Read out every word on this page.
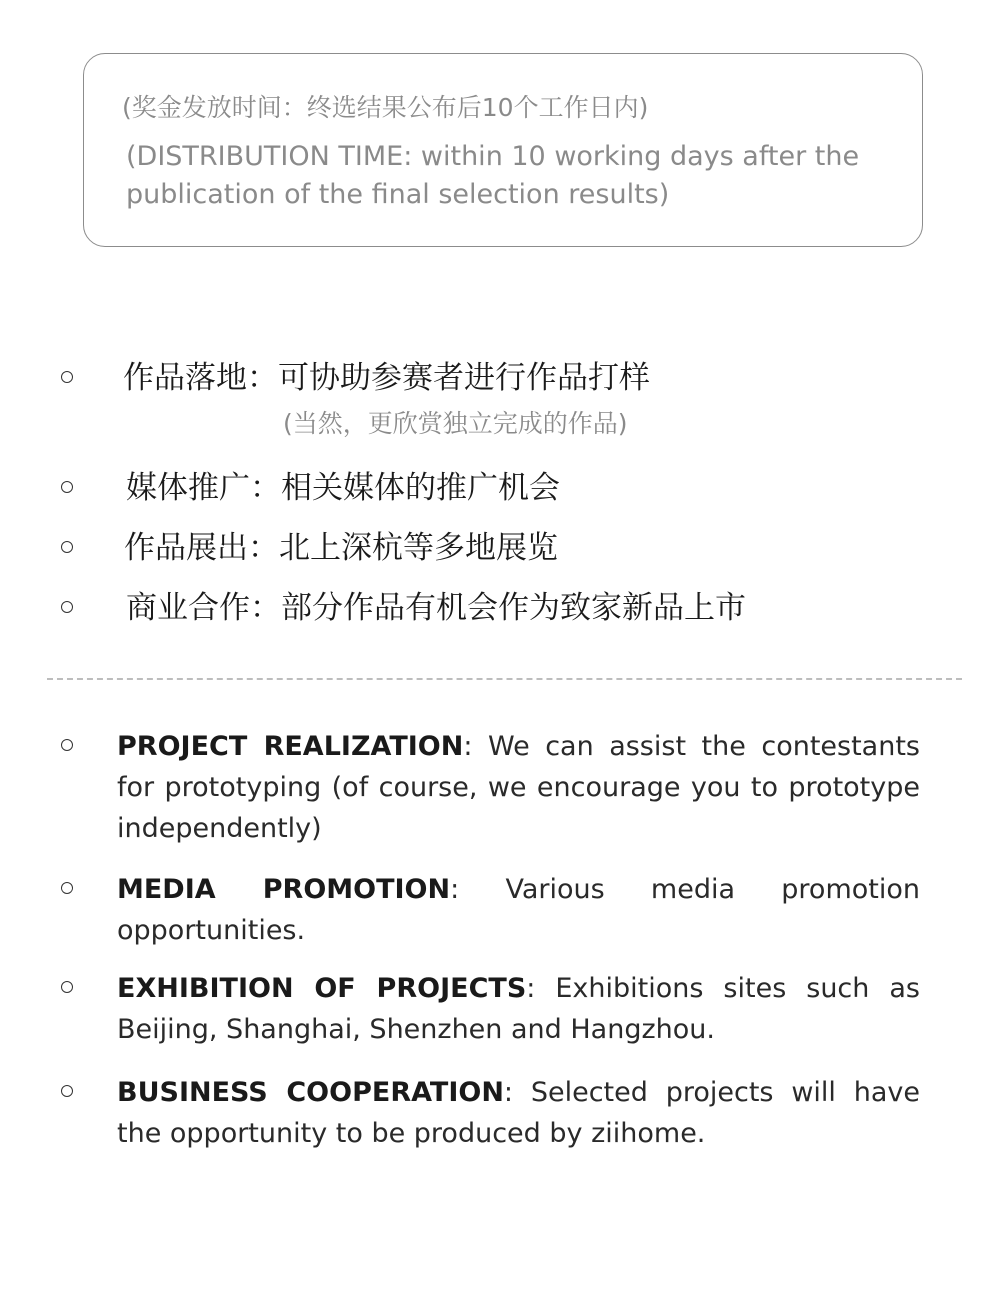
(奖金发放时间：终选结果公布后10个工作日内)
(DISTRIBUTION TIME: within 10 working days after the publication of the final selection results)
作品落地：可协助参赛者进行作品打样
(当然，更欣赏独立完成的作品)
媒体推广：相关媒体的推广机会
作品展出：北上深杭等多地展览
商业合作：部分作品有机会作为致家新品上市
PROJECT REALIZATION: We can assist the contestants for prototyping (of course, we encourage you to prototype independently)
MEDIA PROMOTION: Various media promotion opportunities.
EXHIBITION OF PROJECTS: Exhibitions sites such as Beijing, Shanghai, Shenzhen and Hangzhou.
BUSINESS COOPERATION: Selected projects will have the opportunity to be produced by ziihome.
